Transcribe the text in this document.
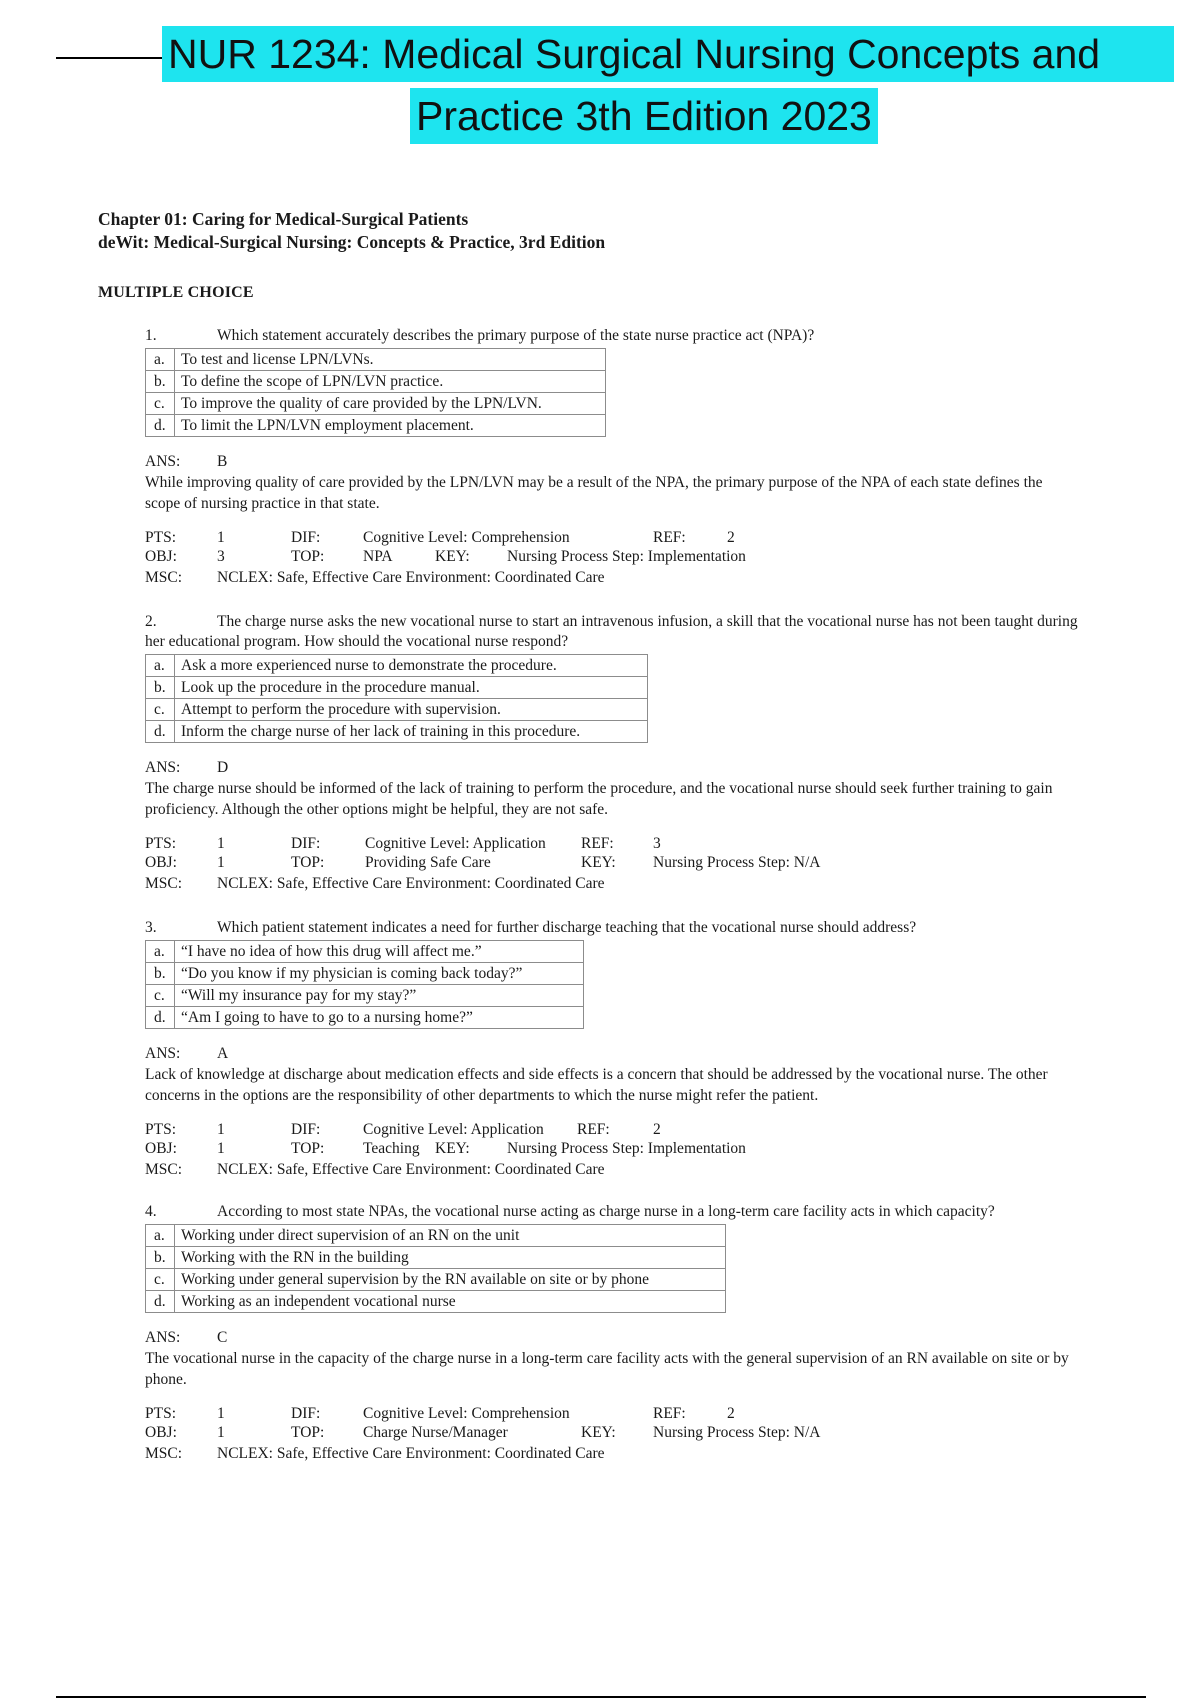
NUR 1234: Medical Surgical Nursing Concepts and
Practice 3th Edition 2023
Chapter 01: Caring for Medical-Surgical Patients
deWit: Medical-Surgical Nursing: Concepts & Practice, 3rd Edition
MULTIPLE CHOICE
1.	Which statement accurately describes the primary purpose of the state nurse practice act (NPA)?
a.	To test and license LPN/LVNs.
b.	To define the scope of LPN/LVN practice.
c.	To improve the quality of care provided by the LPN/LVN.
d.	To limit the LPN/LVN employment placement.
ANS: B
While improving quality of care provided by the LPN/LVN may be a result of the NPA, the primary purpose of the NPA of each state defines the scope of nursing practice in that state.
PTS:	1	DIF:	Cognitive Level: Comprehension	REF:	2
OBJ:	3	TOP: NPA	KEY: Nursing Process Step: Implementation
MSC: NCLEX: Safe, Effective Care Environment: Coordinated Care
2.	The charge nurse asks the new vocational nurse to start an intravenous infusion, a skill that the vocational nurse has not been taught during her educational program. How should the vocational nurse respond?
a.	Ask a more experienced nurse to demonstrate the procedure.
b.	Look up the procedure in the procedure manual.
c.	Attempt to perform the procedure with supervision.
d.	Inform the charge nurse of her lack of training in this procedure.
ANS: D
The charge nurse should be informed of the lack of training to perform the procedure, and the vocational nurse should seek further training to gain proficiency. Although the other options might be helpful, they are not safe.
PTS:	1	DIF:	Cognitive Level: Application REF:	3
OBJ:	1	TOP:	Providing Safe Care	KEY: Nursing Process Step: N/A
MSC: NCLEX: Safe, Effective Care Environment: Coordinated Care
3.	Which patient statement indicates a need for further discharge teaching that the vocational nurse should address?
a.	“I have no idea of how this drug will affect me.”
b.	“Do you know if my physician is coming back today?”
c.	“Will my insurance pay for my stay?”
d.	“Am I going to have to go to a nursing home?”
ANS: A
Lack of knowledge at discharge about medication effects and side effects is a concern that should be addressed by the vocational nurse. The other concerns in the options are the responsibility of other departments to which the nurse might refer the patient.
PTS:	1	DIF:	Cognitive Level: Application REF:	2
OBJ:	1	TOP: Teaching KEY: Nursing Process Step: Implementation
MSC: NCLEX: Safe, Effective Care Environment: Coordinated Care
4.	According to most state NPAs, the vocational nurse acting as charge nurse in a long-term care facility acts in which capacity?
a.	Working under direct supervision of an RN on the unit
b.	Working with the RN in the building
c.	Working under general supervision by the RN available on site or by phone
d.	Working as an independent vocational nurse
ANS: C
The vocational nurse in the capacity of the charge nurse in a long-term care facility acts with the general supervision of an RN available on site or by phone.
PTS:	1	DIF:	Cognitive Level: Comprehension	REF:	2
OBJ:	1	TOP: Charge Nurse/Manager	KEY: Nursing Process Step: N/A
MSC: NCLEX: Safe, Effective Care Environment: Coordinated Care
